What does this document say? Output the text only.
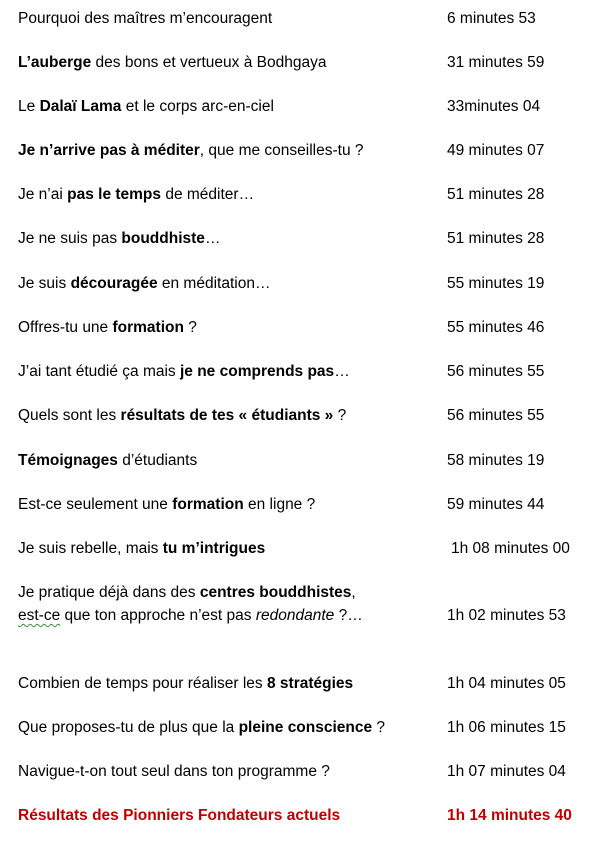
Pourquoi des maîtres m’encouragent	6 minutes 53
L’auberge des bons et vertueux à Bodhgaya	31 minutes 59
Le Dalaï Lama et le corps arc-en-ciel	33minutes 04
Je n’arrive pas à méditer, que me conseilles-tu ?	49 minutes 07
Je n’ai pas le temps de méditer…	51 minutes 28
Je ne suis pas bouddhiste…	51 minutes 28
Je suis découragée en méditation…	55 minutes 19
Offres-tu une formation ?	55 minutes 46
J’ai tant étudié ça mais je ne comprends pas…	56 minutes 55
Quels sont les résultats de tes « étudiants » ?	56 minutes 55
Témoignages d’étudiants	58 minutes 19
Est-ce seulement une formation en ligne ?	59 minutes 44
Je suis rebelle, mais tu m’intrigues	1h 08 minutes 00
Je pratique déjà dans des centres bouddhistes,
est-ce que ton approche n’est pas redondante ?…	1h 02 minutes 53
Combien de temps pour réaliser les 8 stratégies	1h 04 minutes 05
Que proposes-tu de plus que la pleine conscience ?	1h 06 minutes 15
Navigue-t-on tout seul dans ton programme ?	1h 07 minutes 04
Résultats des Pionniers Fondateurs actuels	1h 14 minutes 40
